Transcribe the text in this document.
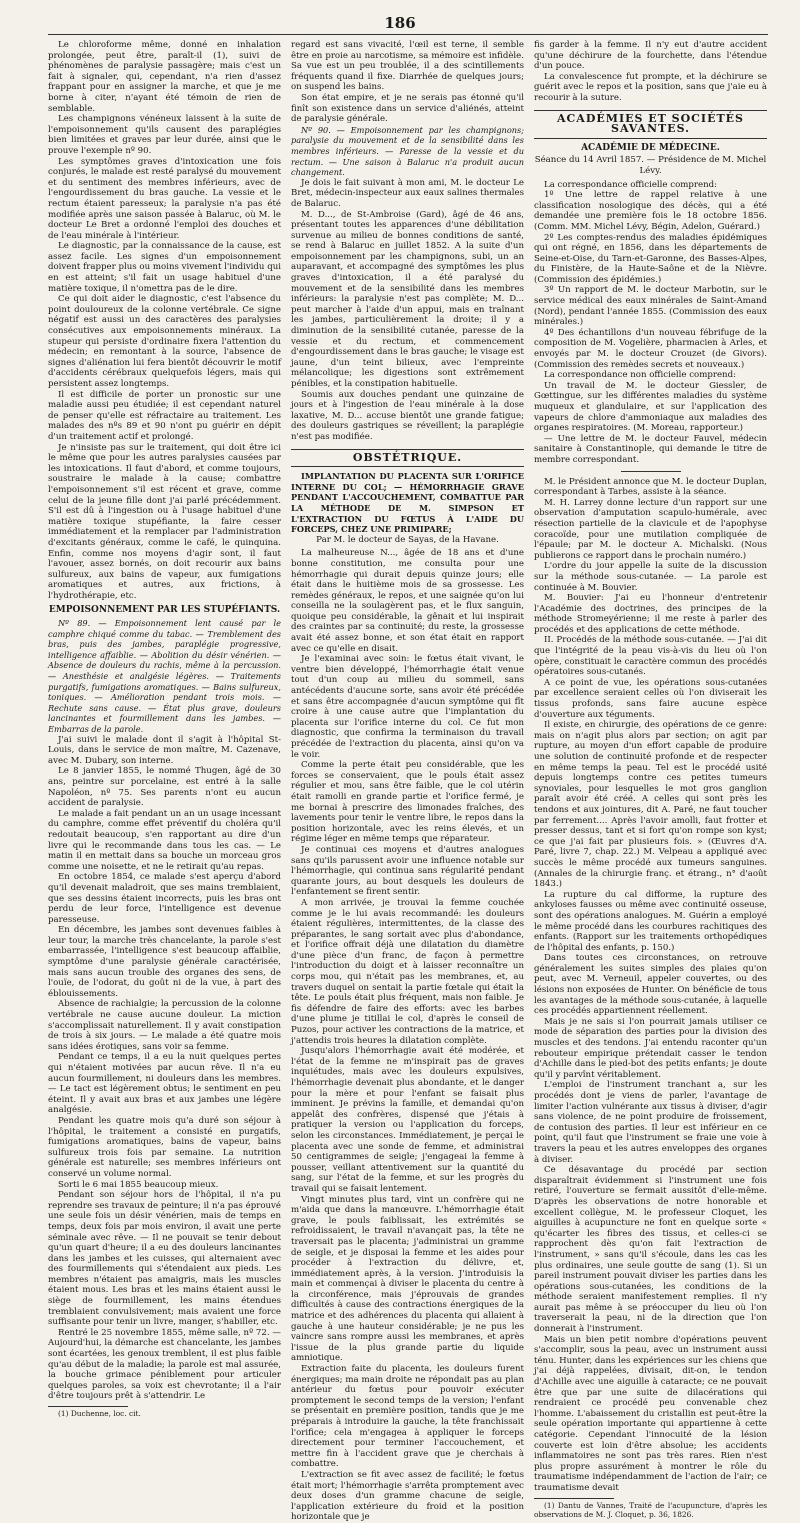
186

Le chloroforme même, donné en inhalation prolongée, peut être, paraît-il (1), suivi de phénomènes de paralysie passagère; mais c'est un fait à signaler, qui, cependant, n'a rien d'assez frappant pour en assigner la marche, et que je me borne à citer, n'ayant été témoin de rien de semblable.

Les champignons vénéneux laissent à la suite de l'empoisonnement qu'ils causent des paraplégies bien limitées et graves par leur durée, ainsi que le prouve l'exemple nº 90.

Les symptômes graves d'intoxication une fois conjurés, le malade est resté paralysé du mouvement et du sentiment des membres inférieurs, avec de l'engourdissement du bras gauche. La vessie et le rectum étaient paresseux; la paralysie n'a pas été modifiée après une saison passée à Balaruc, où M. le docteur Le Bret a ordonné l'emploi des douches et de l'eau minérale à l'intérieur.

Le diagnostic, par la connaissance de la cause, est assez facile. Les signes d'un empoisonnement doivent frapper plus ou moins vivement l'individu qui en est atteint; s'il fait un usage habituel d'une matière toxique, il n'omettra pas de le dire.

Ce qui doit aider le diagnostic, c'est l'absence du point douloureux de la colonne vertébrale. Ce signe négatif est aussi un des caractères des paralysies consécutives aux empoisonnements minéraux. La stupeur qui persiste d'ordinaire fixera l'attention du médecin; en remontant à la source, l'absence de signes d'aliénation lui fera bientôt découvrir le motif d'accidents cérébraux quelquefois légers, mais qui persistent assez longtemps.

Il est difficile de porter un pronostic sur une maladie aussi peu étudiée; il est cependant naturel de penser qu'elle est réfractaire au traitement. Les malades des nºs 89 et 90 n'ont pu guérir en dépit d'un traitement actif et prolongé.

Je n'insiste pas sur le traitement, qui doit être ici le même que pour les autres paralysies causées par les intoxications. Il faut d'abord, et comme toujours, soustraire le malade à la cause; combattre l'empoisonnement s'il est récent et grave, comme celui de la jeune fille dont j'ai parlé précédemment. S'il est dû à l'ingestion ou à l'usage habituel d'une matière toxique stupéfiante, la faire cesser immédiatement et la remplacer par l'administration d'excitants généraux, comme le café, le quinquina. Enfin, comme nos moyens d'agir sont, il faut l'avouer, assez bornés, on doit recourir aux bains sulfureux, aux bains de vapeur, aux fumigations aromatiques et autres, aux frictions, à l'hydrothérapie, etc.

EMPOISONNEMENT PAR LES STUPÉFIANTS.

Nº 89. — Empoisonnement lent causé par le camphre chiqué comme du tabac. — Tremblement des bras, puis des jambes, paraplégie progressive, intelligence affaiblie. — Abolition du désir vénérien. — Absence de douleurs du rachis, même à la percussion. — Anesthésie et analgésie légères. — Traitements purgatifs, fumigations aromatiques. — Bains sulfureux, toniques. — Amélioration pendant trois mois. — Rechute sans cause. — État plus grave, douleurs lancinantes et fourmillement dans les jambes. — Embarras de la parole.

J'ai suivi le malade dont il s'agit à l'hôpital St-Louis, dans le service de mon maître, M. Cazenave, avec M. Dubary, son interne.

Le 8 janvier 1855, le nommé Thugen, âgé de 30 ans, peintre sur porcelaine, est entré à la salle Napoléon, nº 75. Ses parents n'ont eu aucun accident de paralysie.

Le malade a fait pendant un an un usage incessant du camphre, comme effet préventif du choléra qu'il redoutait beaucoup, s'en rapportant au dire d'un livre qui le recommande dans tous les cas. — Le matin il en mettait dans sa bouche un morceau gros comme une noisette, et ne le retirait qu'au repas.

En octobre 1854, ce malade s'est aperçu d'abord qu'il devenait maladroit, que ses mains tremblaient, que ses dessins étaient incorrects, puis les bras ont perdu de leur force, l'intelligence est devenue paresseuse.

En décembre, les jambes sont devenues faibles à leur tour, la marche très chancelante, la parole s'est embarrassée, l'intelligence s'est beaucoup affaiblie, symptôme d'une paralysie générale caractérisée, mais sans aucun trouble des organes des sens, de l'ouïe, de l'odorat, du goût ni de la vue, à part des éblouissements.

Absence de rachialgie; la percussion de la colonne vertébrale ne cause aucune douleur. La miction s'accomplissait naturellement. Il y avait constipation de trois à six jours. — Le malade a été quatre mois sans idées érotiques, sans voir sa femme.

Pendant ce temps, il a eu la nuit quelques pertes qui n'étaient motivées par aucun rêve. Il n'a eu aucun fourmillement, ni douleurs dans les membres. — Le tact est légèrement obtus; le sentiment en peu éteint. Il y avait aux bras et aux jambes une légère analgésie.

Pendant les quatre mois qu'a duré son séjour à l'hôpital, le traitement a consisté en purgatifs, fumigations aromatiques, bains de vapeur, bains sulfureux trois fois par semaine. La nutrition générale est naturelle; ses membres inférieurs ont conservé un volume normal.

Sorti le 6 mai 1855 beaucoup mieux.

Pendant son séjour hors de l'hôpital, il n'a pu reprendre ses travaux de peinture; il n'a pas éprouvé une seule fois un désir vénérien, mais de temps en temps, deux fois par mois environ, il avait une perte séminale avec rêve. — Il ne pouvait se tenir debout qu'un quart d'heure; il a eu des douleurs lancinantes dans les jambes et les cuisses, qui alternaient avec des fourmillements qui s'étendaient aux pieds. Les membres n'étaient pas amaigris, mais les muscles étaient mous. Les bras et les mains étaient aussi le siège de fourmillement, les mains étendues tremblaient convulsivement; mais avaient une force suffisante pour tenir un livre, manger, s'habiller, etc.

Rentré le 25 novembre 1855, même salle, nº 72. — Aujourd'hui, la démarche est chancelante, les jambes sont écartées, les genoux tremblent, il est plus faible qu'au début de la maladie; la parole est mal assurée, la bouche grimace péniblement pour articuler quelques paroles, sa voix est chevrotante; il a l'air d'être toujours prêt à s'attendrir. Le

(1) Duchenne, loc. cit.

regard est sans vivacité, l'œil est terne, il semble être en proie au narcotisme, sa mémoire est infidèle. Sa vue est un peu troublée, il a des scintillements fréquents quand il fixe. Diarrhée de quelques jours; on suspend les bains.

Son état empire, et je ne serais pas étonné qu'il finît son existence dans un service d'aliénés, atteint de paralysie générale.

Nº 90. — Empoisonnement par les champignons; paralysie du mouvement et de la sensibilité dans les membres inférieurs. — Paresse de la vessie et du rectum. — Une saison à Balaruc n'a produit aucun changement.

Je dois le fait suivant à mon ami, M. le docteur Le Bret, médecin-inspecteur aux eaux salines thermales de Balaruc.

M. D..., de St-Ambroise (Gard), âgé de 46 ans, présentant toutes les apparences d'une débilitation survenue au milieu de bonnes conditions de santé, se rend à Balaruc en juillet 1852. A la suite d'un empoisonnement par les champignons, subi, un an auparavant, et accompagné des symptômes les plus graves d'intoxication, il a été paralysé du mouvement et de la sensibilité dans les membres inférieurs: la paralysie n'est pas complète; M. D... peut marcher à l'aide d'un appui, mais en traînant les jambes, particulièrement la droite; il y a diminution de la sensibilité cutanée, paresse de la vessie et du rectum, et commencement d'engourdissement dans le bras gauche; le visage est jaune, d'un teint bilieux, avec l'empreinte mélancolique; les digestions sont extrêmement pénibles, et la constipation habituelle.

Soumis aux douches pendant une quinzaine de jours et à l'ingestion de l'eau minérale à la dose laxative, M. D... accuse bientôt une grande fatigue; des douleurs gastriques se réveillent; la paraplégie n'est pas modifiée.

OBSTÉTRIQUE.

IMPLANTATION DU PLACENTA SUR L'ORIFICE INTERNE DU COL; — HÉMORRHAGIE GRAVE PENDANT L'ACCOUCHEMENT, COMBATTUE PAR LA MÉTHODE DE M. SIMPSON ET L'EXTRACTION DU FŒTUS À L'AIDE DU FORCEPS, CHEZ UNE PRIMIPARE;

Par M. le docteur de Sayas, de la Havane.

La malheureuse N..., âgée de 18 ans et d'une bonne constitution, me consulta pour une hémorrhagie qui durait depuis quinze jours; elle était dans le huitième mois de sa grossesse. Les remèdes généraux, le repos, et une saignée qu'on lui conseilla ne la soulagèrent pas, et le flux sanguin, quoique peu considérable, la gênait et lui inspirait des craintes par sa continuité; du reste, la grossesse avait été assez bonne, et son état était en rapport avec ce qu'elle en disait.

Je l'examinai avec soin: le fœtus était vivant, le ventre bien développé, l'hémorrhagie était venue tout d'un coup au milieu du sommeil, sans antécédents d'aucune sorte, sans avoir été précédée et sans être accompagnée d'aucun symptôme qui fît croire à une cause autre que l'implantation du placenta sur l'orifice interne du col. Ce fut mon diagnostic, que confirma la terminaison du travail précédée de l'extraction du placenta, ainsi qu'on va le voir.

Comme la perte était peu considérable, que les forces se conservaient, que le pouls était assez régulier et mou, sans être faible, que le col utérin était ramolli en grande partie et l'orifice fermé, je me bornai à prescrire des limonades fraîches, des lavements pour tenir le ventre libre, le repos dans la position horizontale, avec les reins élevés, et un régime léger en même temps que réparateur.

Je continuai ces moyens et d'autres analogues sans qu'ils parussent avoir une influence notable sur l'hémorrhagie, qui continua sans régularité pendant quarante jours, au bout desquels les douleurs de l'enfantement se firent sentir.

A mon arrivée, je trouvai la femme couchée comme je le lui avais recommandé: les douleurs étaient régulières, intermittentes, de la classe des préparantes, le sang sortait avec plus d'abondance, et l'orifice offrait déjà une dilatation du diamètre d'une pièce d'un franc, de façon à permettre l'introduction du doigt et à laisser reconnaître un corps mou, qui n'était pas les membranes, et, au travers duquel on sentait la partie fœtale qui était la tête. Le pouls était plus fréquent, mais non faible. Je fis défendre de faire des efforts: avec les barbes d'une plume je titillai le col, d'après le conseil de Puzos, pour activer les contractions de la matrice, et j'attendis trois heures la dilatation complète.

Jusqu'alors l'hémorrhagie avait été modérée, et l'état de la femme ne m'inspirait pas de graves inquiétudes, mais avec les douleurs expulsives, l'hémorrhagie devenait plus abondante, et le danger pour la mère et pour l'enfant se faisait plus imminent. Je prévins la famille, et demandai qu'on appelât des confrères, dispensé que j'étais à pratiquer la version ou l'application du forceps, selon les circonstances. Immédiatement, je perçai le placenta avec une sonde de femme, et administrai 50 centigrammes de seigle; j'engageai la femme à pousser, veillant attentivement sur la quantité du sang, sur l'état de la femme, et sur les progrès du travail qui se faisait lentement.

Vingt minutes plus tard, vint un confrère qui ne m'aida que dans la manœuvre. L'hémorrhagie était grave, le pouls faiblissait, les extrémités se refroidissaient, le travail n'avançait pas, la tête ne traversait pas le placenta; j'administrai un gramme de seigle, et je disposai la femme et les aides pour procéder à l'extraction du délivre, et, immédiatement après, à la version. J'introduisis la main et commençai à diviser le placenta du centre à la circonférence, mais j'éprouvais de grandes difficultés à cause des contractions énergiques de la matrice et des adhérences du placenta qui allaient à gauche à une hauteur considérable; je ne pus les vaincre sans rompre aussi les membranes, et après l'issue de la plus grande partie du liquide amniotique.

Extraction faite du placenta, les douleurs furent énergiques; ma main droite ne répondait pas au plan antérieur du fœtus pour pouvoir exécuter promptement le second temps de la version; l'enfant se présentait en première position, tandis que je me préparais à introduire la gauche, la tête franchissait l'orifice; cela m'engagea à appliquer le forceps directement pour terminer l'accouchement, et mettre fin à l'accident grave que je cherchais à combattre.

L'extraction se fit avec assez de facilité; le fœtus était mort; l'hémorrhagie s'arrêta promptement avec deux doses d'un gramme chacune de seigle, l'application extérieure du froid et la position horizontale que je

fis garder à la femme. Il n'y eut d'autre accident qu'une déchirure de la fourchette, dans l'étendue d'un pouce.

La convalescence fut prompte, et la déchirure se guérit avec le repos et la position, sans que j'aie eu à recourir à la suture.

ACADÉMIES ET SOCIÉTÉS SAVANTES.
ACADÉMIE DE MÉDECINE.
Séance du 14 Avril 1857. — Présidence de M. Michel Lévy.

La correspondance officielle comprend:

1º Une lettre de rappel relative à une classification nosologique des décès, qui a été demandée une première fois le 18 octobre 1856. (Comm. MM. Michel Lévy, Bégin, Adelon, Guérard.)

2º Les comptes-rendus des maladies épidémiques qui ont régné, en 1856, dans les départements de Seine-et-Oise, du Tarn-et-Garonne, des Basses-Alpes, du Finistère, de la Haute-Saône et de la Nièvre. (Commission des épidémies.)

3º Un rapport de M. le docteur Marbotin, sur le service médical des eaux minérales de Saint-Amand (Nord), pendant l'année 1855. (Commission des eaux minérales.)

4º Des échantillons d'un nouveau fébrifuge de la composition de M. Vogelière, pharmacien à Arles, et envoyés par M. le docteur Crouzet (de Givors). (Commission des remèdes secrets et nouveaux.)

La correspondance non officielle comprend:

Un travail de M. le docteur Giessler, de Gœttingue, sur les différentes maladies du système muqueux et glandulaire, et sur l'application des vapeurs de chlore d'ammoniaque aux maladies des organes respiratoires. (M. Moreau, rapporteur.)

— Une lettre de M. le docteur Fauvel, médecin sanitaire à Constantinople, qui demande le titre de membre correspondant.

M. le Président annonce que M. le docteur Duplan, correspondant à Tarbes, assiste à la séance.

M. H. Larrey donne lecture d'un rapport sur une observation d'amputation scapulo-humérale, avec résection partielle de la clavicule et de l'apophyse coracoïde, pour une mutilation compliquée de l'épaule; par M. le docteur A. Michalski. (Nous publierons ce rapport dans le prochain numéro.)

L'ordre du jour appelle la suite de la discussion sur la méthode sous-cutanée. — La parole est continuée à M. Bouvier.

M. Bouvier: J'ai eu l'honneur d'entretenir l'Académie des doctrines, des principes de la méthode Stromeyérienne; il me reste à parler des procédés et des applications de cette méthode.

II. Procédés de la méthode sous-cutanée. — J'ai dit que l'intégrité de la peau vis-à-vis du lieu où l'on opère, constituait le caractère commun des procédés opératoires sous-cutanés.

A ce point de vue, les opérations sous-cutanées par excellence seraient celles où l'on diviserait les tissus profonds, sans faire aucune espèce d'ouverture aux téguments.

Il existe, en chirurgie, des opérations de ce genre: mais on n'agit plus alors par section; on agit par rupture, au moyen d'un effort capable de produire une solution de continuité profonde et de respecter en même temps la peau. Tel est le procédé usité depuis longtemps contre ces petites tumeurs synoviales, pour lesquelles le mot gros ganglion paraît avoir été créé. A celles qui sont près les tendons et aux jointures, dit A. Paré, ne faut toucher par ferrement.... Après l'avoir amolli, faut frotter et presser dessus, tant et si fort qu'on rompe son kyst; ce que j'ai fait par plusieurs fois. » (Œuvres d'A. Paré, livre 7, chap. 22.) M. Velpeau a appliqué avec succès le même procédé aux tumeurs sanguines. (Annales de la chirurgie franç. et étrang., n° d'août 1843.)

La rupture du cal difforme, la rupture des ankyloses fausses ou même avec continuité osseuse, sont des opérations analogues. M. Guérin a employé le même procédé dans les courbures rachitiques des enfants. (Rapport sur les traitements orthopédiques de l'hôpital des enfants, p. 150.)

Dans toutes ces circonstances, on retrouve généralement les suites simples des plaies qu'on peut, avec M. Verneuil, appeler couvertes, ou des lésions non exposées de Hunter. On bénéficie de tous les avantages de la méthode sous-cutanée, à laquelle ces procédés appartiennent réellement.

Mais je ne sais si l'on pourrait jamais utiliser ce mode de séparation des parties pour la division des muscles et des tendons. J'ai entendu raconter qu'un rebouteur empirique prétendait casser le tendon d'Achille dans le pied-bot des petits enfants; je doute qu'il y parvînt véritablement.

L'emploi de l'instrument tranchant a, sur les procédés dont je viens de parler, l'avantage de limiter l'action vulnérante aux tissus à diviser, d'agir sans violence, de ne point produire de froissement, de contusion des parties. Il leur est inférieur en ce point, qu'il faut que l'instrument se fraie une voie à travers la peau et les autres enveloppes des organes à diviser.

Ce désavantage du procédé par section disparaîtrait évidemment si l'instrument une fois retiré, l'ouverture se fermait aussitôt d'elle-même. D'après les observations de notre honorable et excellent collègue, M. le professeur Cloquet, les aiguilles à acupuncture ne font en quelque sorte « qu'écarter les fibres des tissus, et celles-ci se rapprochent dès qu'on fait l'extraction de l'instrument, » sans qu'il s'écoule, dans les cas les plus ordinaires, une seule goutte de sang (1). Si un pareil instrument pouvait diviser les parties dans les opérations sous-cutanées, les conditions de la méthode seraient manifestement remplies. Il n'y aurait pas même à se préoccuper du lieu où l'on traverserait la peau, ni de la direction que l'on donnerait à l'instrument.

Mais un bien petit nombre d'opérations peuvent s'accomplir, sous la peau, avec un instrument aussi ténu. Hunter, dans les expériences sur les chiens que j'ai déjà rappelées, divisait, dit-on, le tendon d'Achille avec une aiguille à cataracte; ce ne pouvait être que par une suite de dilacérations qui rendraient ce procédé peu convenable chez l'homme. L'abaissement du cristallin est peut-être la seule opération importante qui appartienne à cette catégorie. Cependant l'innocuité de la lésion couverte est loin d'être absolue; les accidents inflammatoires ne sont pas très rares. Rien n'est plus propre assurément à montrer le rôle du traumatisme indépendamment de l'action de l'air; ce traumatisme devait

(1) Dantu de Vannes, Traité de l'acupuncture, d'après les observations de M. J. Cloquet, p. 36, 1826.
